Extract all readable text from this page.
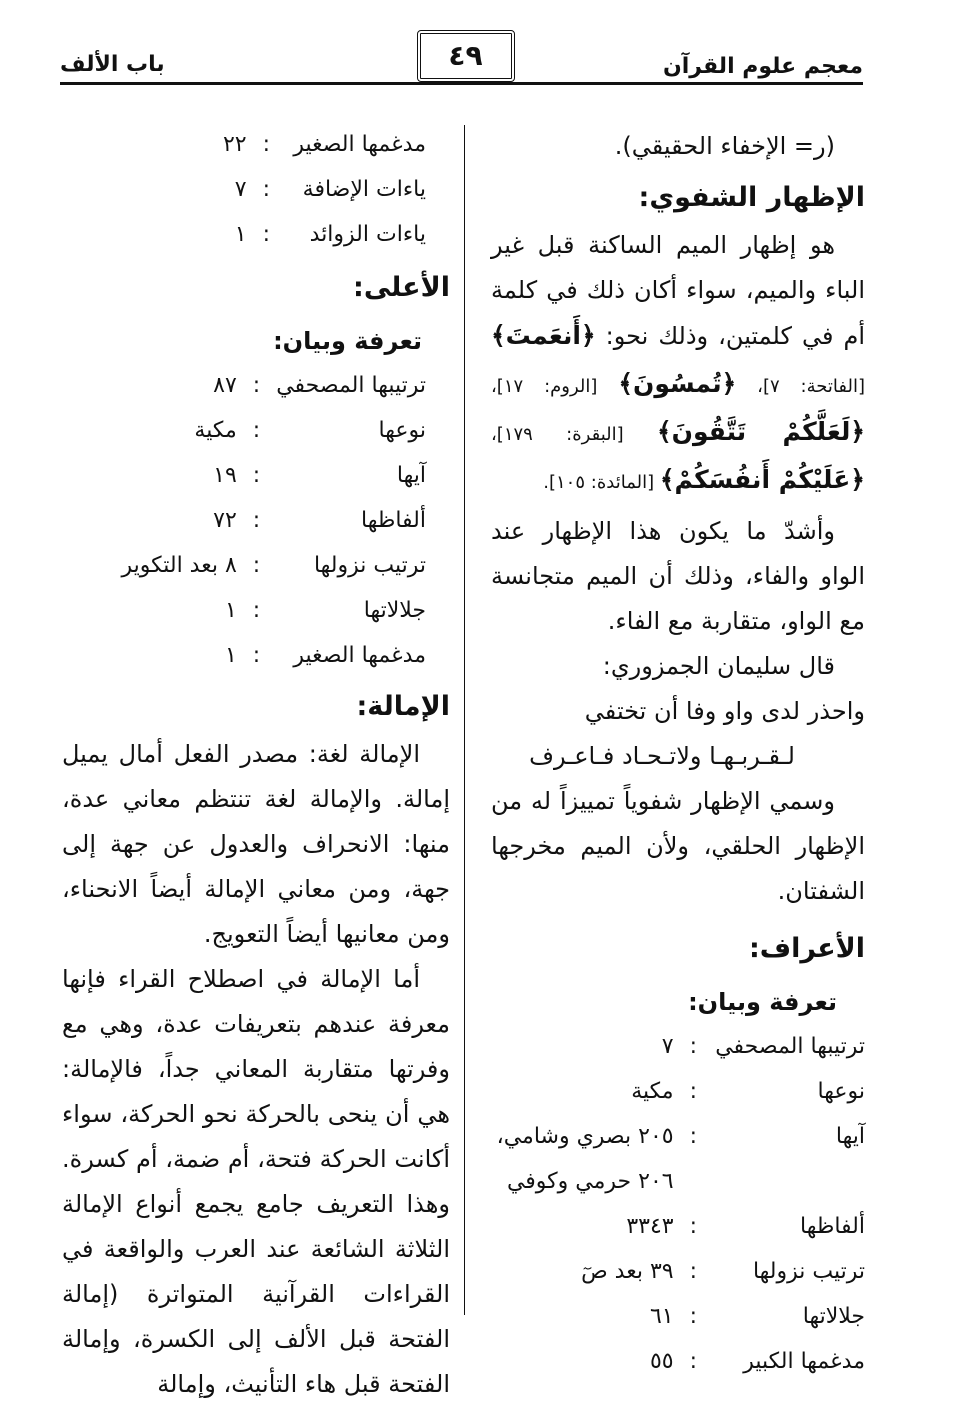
معجم علوم القرآن
٤٩
باب الألف

(ر= الإخفاء الحقيقي).

الإظهار الشفوي:

هو إظهار الميم الساكنة قبل غير الباء والميم، سواء أكان ذلك في كلمة أم في كلمتين، وذلك نحو: ﴿أَنعَمتَ﴾ [الفاتحة: ٧]، ﴿تُمسُونَ﴾ [الروم: ١٧]، ﴿لَعَلَّكُمْ تَتَّقُونَ﴾ [البقرة: ١٧٩]، ﴿عَلَيْكُمْ أَنفُسَكُمْ﴾ [المائدة: ١٠٥].

وأشدّ ما يكون هذا الإظهار عند الواو والفاء، وذلك أن الميم متجانسة مع الواو، متقاربة مع الفاء.

قال سليمان الجمزوري:

واحذر لدى واو وفا أن تختفي

لـقـربـهـا ولاتـحـاد فـاعـرف

وسمي الإظهار شفوياً تمييزاً له من الإظهار الحلقي، ولأن الميم مخرجها الشفتان.

الأعراف:
تعرفة وبيان:
ترتيبها المصحفي	:	٧
نوعها	:	مكية
آيها	:	٢٠٥ بصري وشامي،
		٢٠٦ حرمي وكوفي
ألفاظها	:	٣٣٤٣
ترتيب نزولها	:	٣٩ بعد صٓ
جلالاتها	:	٦١
مدغمها الكبير	:	٥٥
مدغمها الصغير	:	٢٢
ياءات الإضافة	:	٧
ياءات الزوائد	:	١
الأعلى:
تعرفة وبيان:
ترتيبها المصحفي	:	٨٧
نوعها	:	مكية
آيها	:	١٩
ألفاظها	:	٧٢
ترتيب نزولها	:	٨ بعد التكوير
جلالاتها	:	١
مدغمها الصغير	:	١
الإمالة:

الإمالة لغة: مصدر الفعل أمال يميل إمالة. والإمالة لغة تنتظم معاني عدة، منها: الانحراف والعدول عن جهة إلى جهة، ومن معاني الإمالة أيضاً الانحناء، ومن معانيها أيضاً التعويج.

أما الإمالة في اصطلاح القراء فإنها معرفة عندهم بتعريفات عدة، وهي مع وفرتها متقاربة المعاني جداً، فالإمالة: هي أن ينحى بالحركة نحو الحركة، سواء أكانت الحركة فتحة، أم ضمة، أم كسرة. وهذا التعريف جامع يجمع أنواع الإمالة الثلاثة الشائعة عند العرب والواقعة في القراءات القرآنية المتواترة (إمالة الفتحة قبل الألف إلى الكسرة، وإمالة الفتحة قبل هاء التأنيث، وإمالة
